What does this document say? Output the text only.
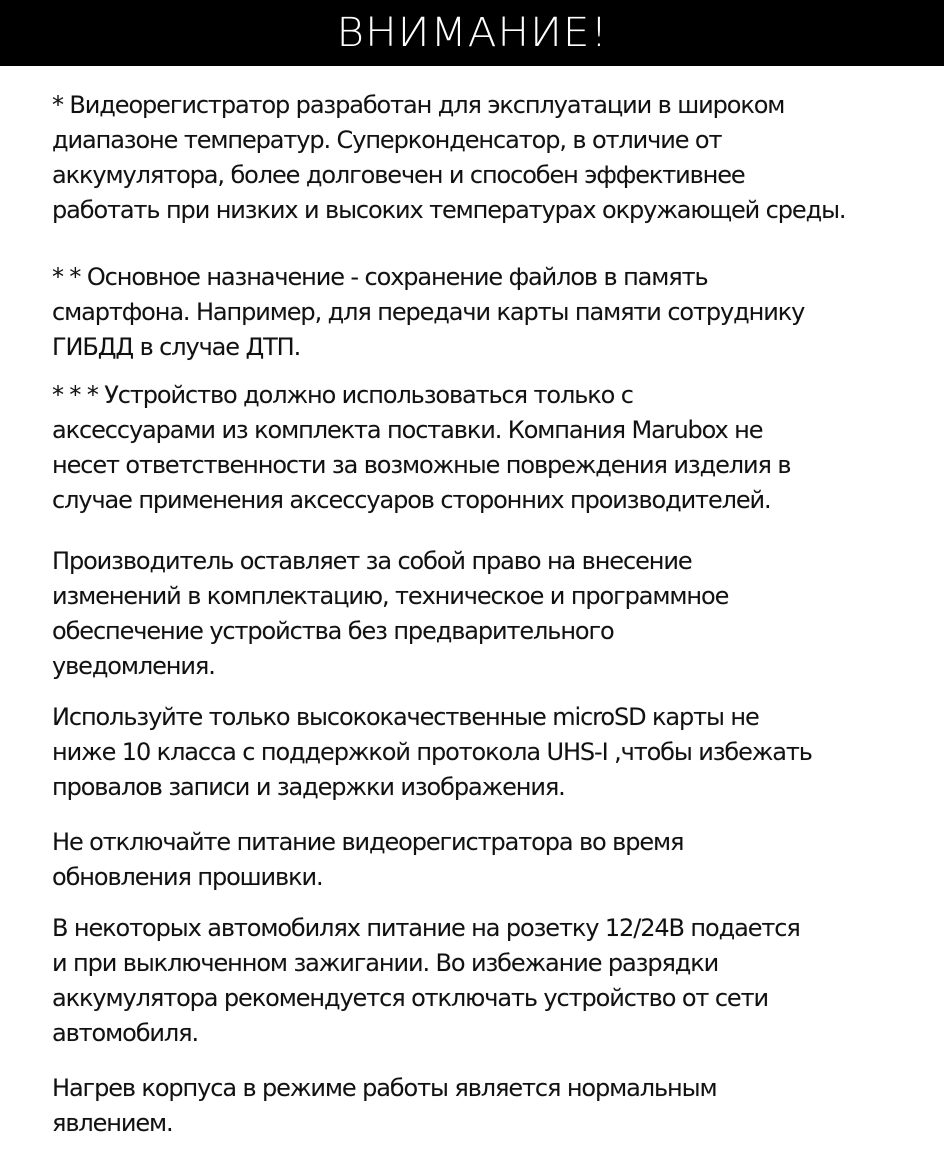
ВНИМАНИЕ!

* Видеорегистратор разработан для эксплуатации в широком
диапазоне температур. Суперконденсатор, в отличие от
аккумулятора, более долговечен и способен эффективнее
работать при низких и высоких температурах окружающей среды.

* * Основное назначение - сохранение файлов в память
смартфона. Например, для передачи карты памяти сотруднику
ГИБДД в случае ДТП.

* * * Устройство должно использоваться только с
аксессуарами из комплекта поставки. Компания Marubox не
несет ответственности за возможные повреждения изделия в
случае применения аксессуаров сторонних производителей.

Производитель оставляет за собой право на внесение
изменений в комплектацию, техническое и программное
обеспечение устройства без предварительного
уведомления.

Используйте только высококачественные microSD карты не
ниже 10 класса с поддержкой протокола UHS-I ,чтобы избежать
провалов записи и задержки изображения.

Не отключайте питание видеорегистратора во время
обновления прошивки.

В некоторых автомобилях питание на розетку 12/24В подается
и при выключенном зажигании. Во избежание разрядки
аккумулятора рекомендуется отключать устройство от сети
автомобиля.

Нагрев корпуса в режиме работы является нормальным
явлением.
